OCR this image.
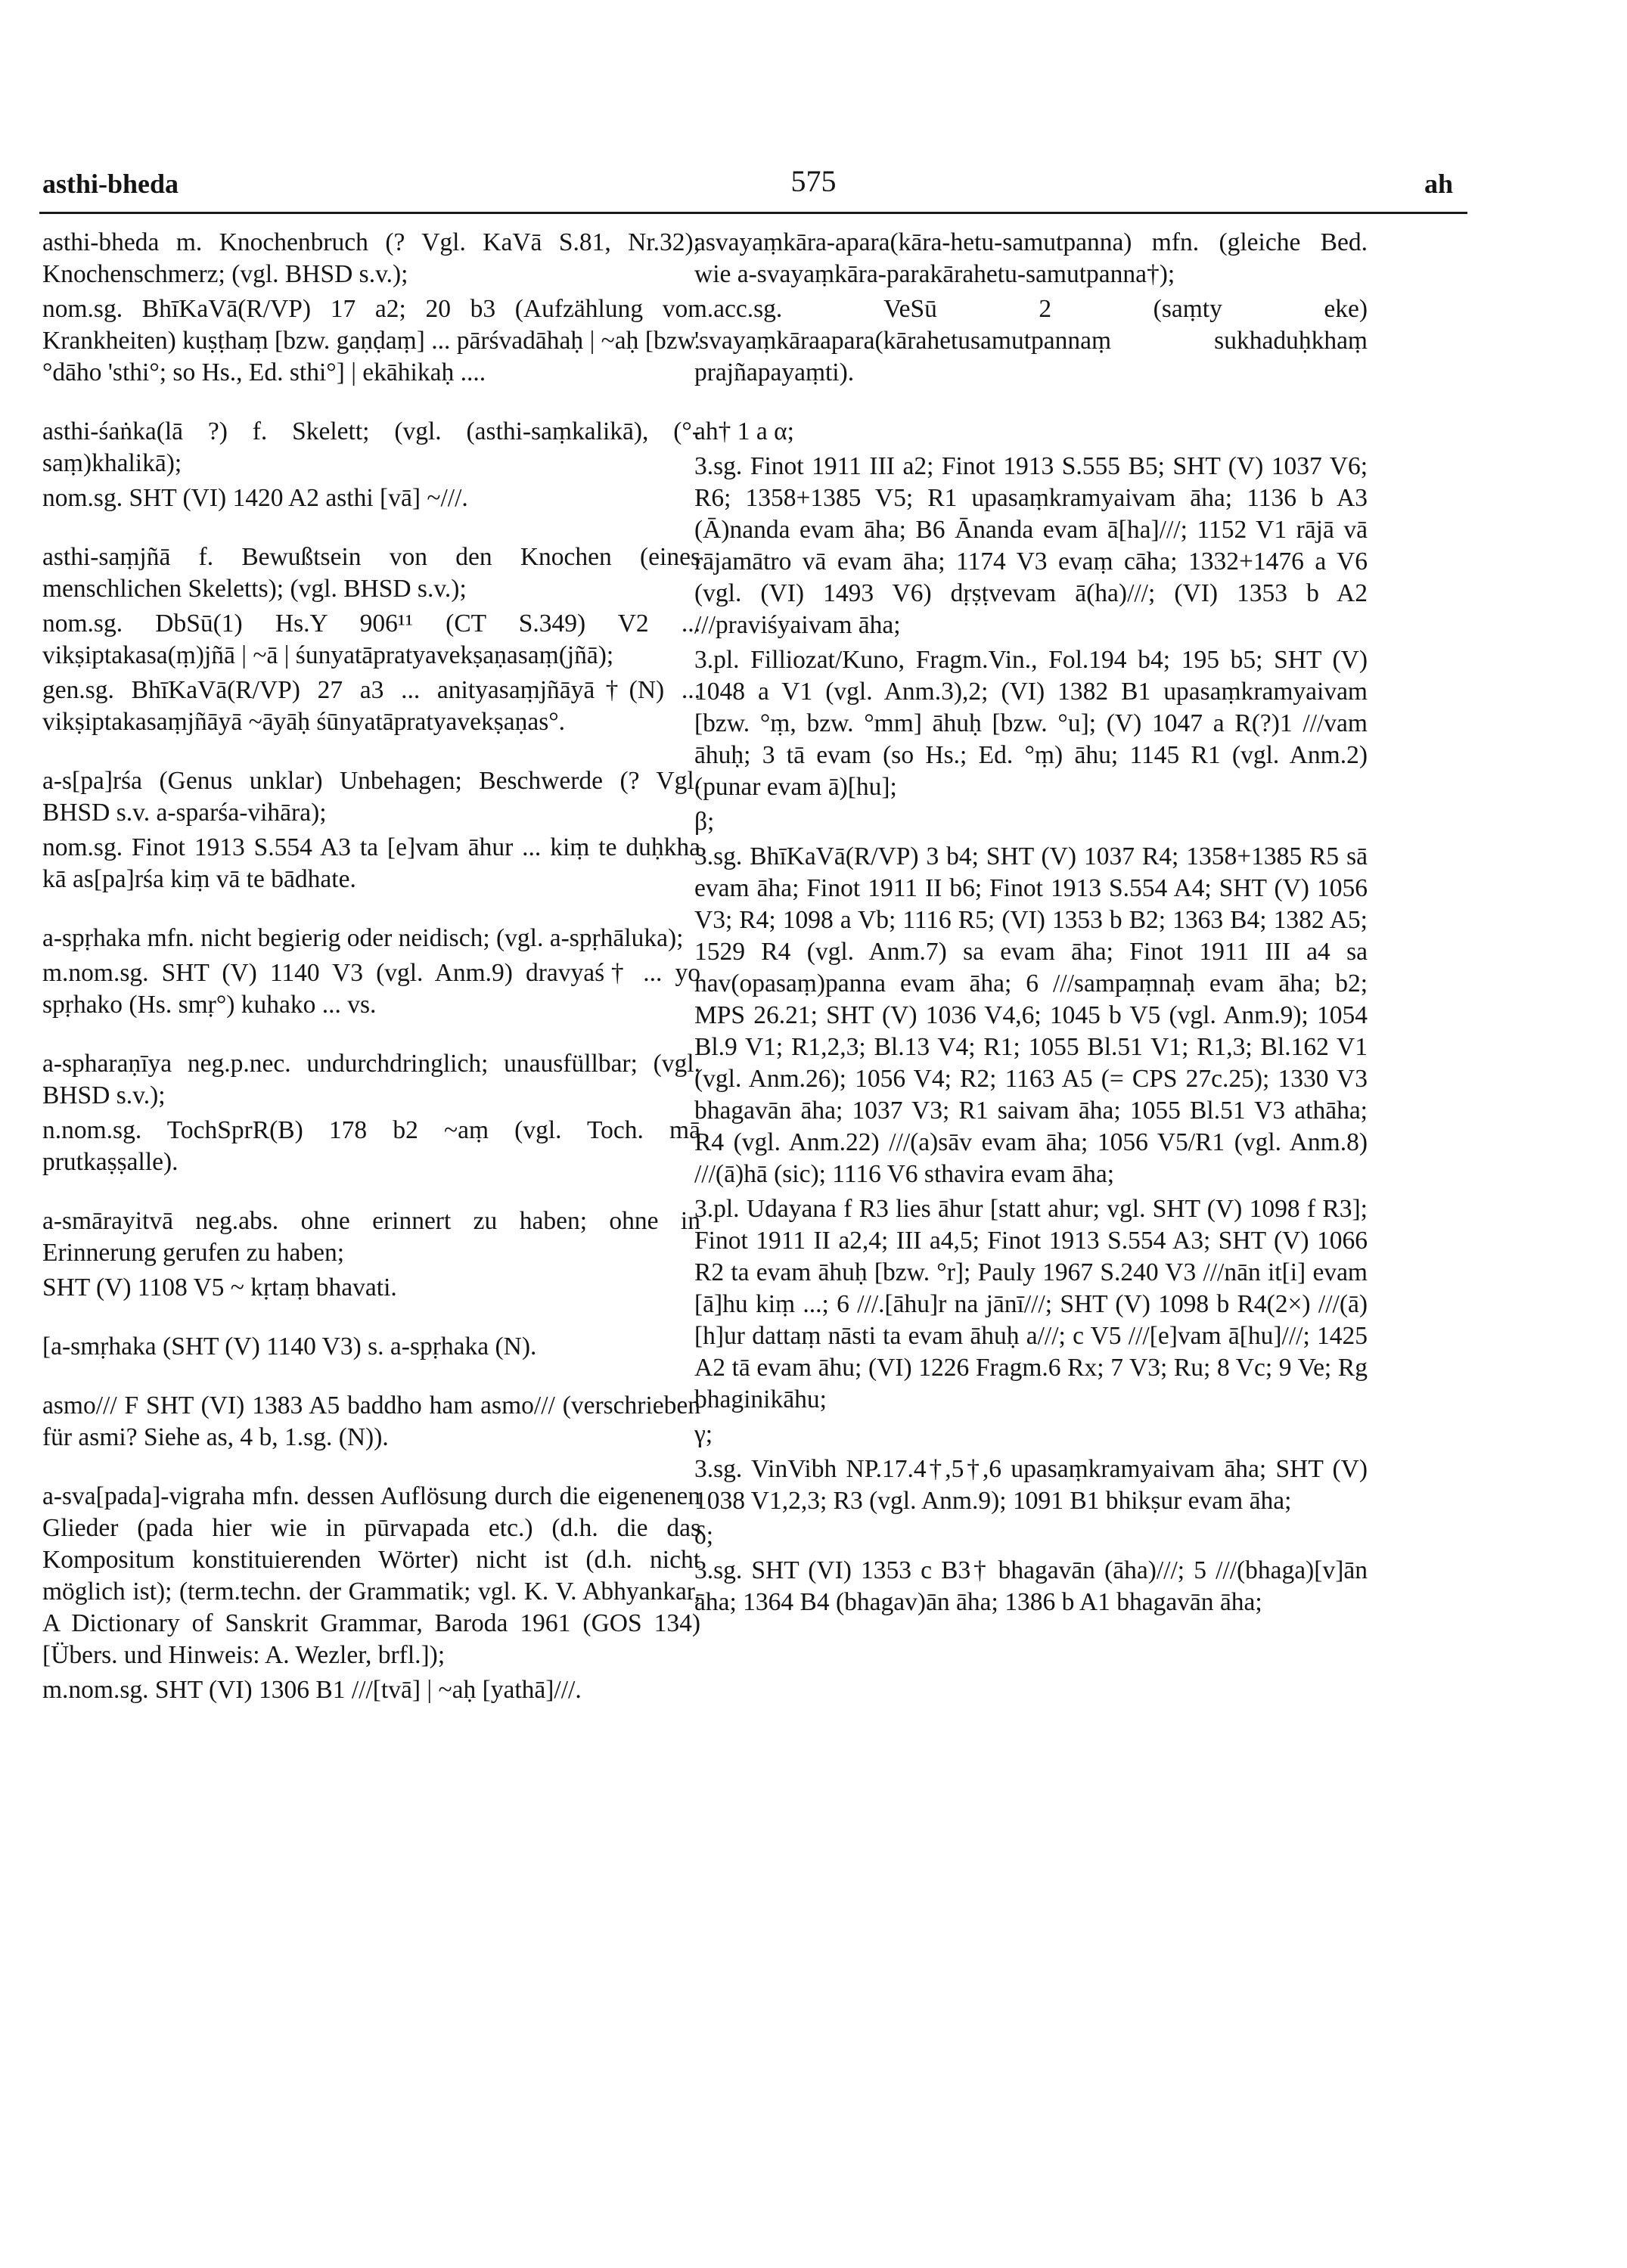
asthi-bheda	575	ah
asthi-bheda m. Knochenbruch (? Vgl. KaVā S.81, Nr.32); Knochenschmerz; (vgl. BHSD s.v.);
nom.sg. BhīKaVā(R/VP) 17 a2; 20 b3 (Aufzählung von Krankheiten) kuṣṭhaṃ [bzw. gaṇḍaṃ] ... pārśvadāhaḥ | ~aḥ [bzw. °dāho 'sthi°; so Hs., Ed. sthi°] | ekāhikaḥ ....
asthi-śaṅka(lā ?) f. Skelett; (vgl. (asthi-saṃkalikā), (°-saṃ)khalikā);
nom.sg. SHT (VI) 1420 A2 asthi [vā] ~///.
asthi-saṃjñā f. Bewußtsein von den Knochen (eines menschlichen Skeletts); (vgl. BHSD s.v.);
nom.sg. DbSū(1) Hs.Y 906¹¹ (CT S.349) V2 ... vikṣiptakasa(ṃ)jñā | ~ā | śunyatāpratyavekṣaṇasaṃ(jñā);
gen.sg. BhīKaVā(R/VP) 27 a3 ... anityasaṃjñāyā†(N) ... vikṣiptakasaṃjñāyā ~āyāḥ śūnyatāpratyavekṣaṇas°.
a-s[pa]rśa (Genus unklar) Unbehagen; Beschwerde (? Vgl. BHSD s.v. a-sparśa-vihāra);
nom.sg. Finot 1913 S.554 A3 ta [e]vam āhur ... kiṃ te duḥkha kā as[pa]rśa kiṃ vā te bādhate.
a-spṛhaka mfn. nicht begierig oder neidisch; (vgl. a-spṛhāluka);
m.nom.sg. SHT (V) 1140 V3 (vgl. Anm.9) dravyaś† ... yo spṛhako (Hs. smṛ°) kuhako ... vs.
a-spharaṇīya neg.p.nec. undurchdringlich; unausfüllbar; (vgl. BHSD s.v.);
n.nom.sg. TochSprR(B) 178 b2 ~aṃ (vgl. Toch. mā prutkaṣṣalle).
a-smārayitvā neg.abs. ohne erinnert zu haben; ohne in Erinnerung gerufen zu haben;
SHT (V) 1108 V5 ~ kṛtaṃ bhavati.
[a-smṛhaka (SHT (V) 1140 V3) s. a-spṛhaka (N).
asmo/// F SHT (VI) 1383 A5 baddho ham asmo/// (verschrieben für asmi? Siehe as, 4 b, 1.sg. (N)).
a-sva[pada]-vigraha mfn. dessen Auflösung durch die eigenenen Glieder (pada hier wie in pūrvapada etc.) (d.h. die das Kompositum konstituierenden Wörter) nicht ist (d.h. nicht möglich ist); (term.techn. der Grammatik; vgl. K. V. Abhyankar, A Dictionary of Sanskrit Grammar, Baroda 1961 (GOS 134) [Übers. und Hinweis: A. Wezler, brfl.]);
m.nom.sg. SHT (VI) 1306 B1 ///[tvā] | ~aḥ [yathā]///.
asvayaṃkāra-apara(kāra-hetu-samutpanna) mfn. (gleiche Bed. wie a-svayaṃkāra-parakārahetu-samutpanna†);
n.acc.sg. VeSū 2 (saṃty eke) 'svayaṃkāraapara(kārahetusamutpannaṃ sukhaduḥkhaṃ prajñapayaṃti).
ah† 1 a α;
3.sg. Finot 1911 III a2; Finot 1913 S.555 B5; SHT (V) 1037 V6; R6; 1358+1385 V5; R1 upasaṃkramyaivam āha; 1136 b A3 (Ā)nanda evam āha; B6 Ānanda evam ā[ha]///; 1152 V1 rājā vā rājamātro vā evam āha; 1174 V3 evaṃ cāha; 1332+1476 a V6 (vgl. (VI) 1493 V6) dṛṣṭvevam ā(ha)///; (VI) 1353 b A2 ///praviśyaivam āha;
3.pl. Filliozat/Kuno, Fragm.Vin., Fol.194 b4; 195 b5; SHT (V) 1048 a V1 (vgl. Anm.3),2; (VI) 1382 B1 upasaṃkramyaivam [bzw. °ṃ, bzw. °mm] āhuḥ [bzw. °u]; (V) 1047 a R(?)1 ///vam āhuḥ; 3 tā evam (so Hs.; Ed. °ṃ) āhu; 1145 R1 (vgl. Anm.2) (punar evam ā)[hu];
β;
3.sg. BhīKaVā(R/VP) 3 b4; SHT (V) 1037 R4; 1358+1385 R5 sā evam āha; Finot 1911 II b6; Finot 1913 S.554 A4; SHT (V) 1056 V3; R4; 1098 a Vb; 1116 R5; (VI) 1353 b B2; 1363 B4; 1382 A5; 1529 R4 (vgl. Anm.7) sa evam āha; Finot 1911 III a4 sa nav(opasaṃ)panna evam āha; 6 ///sampaṃnaḥ evam āha; b2; MPS 26.21; SHT (V) 1036 V4,6; 1045 b V5 (vgl. Anm.9); 1054 Bl.9 V1; R1,2,3; Bl.13 V4; R1; 1055 Bl.51 V1; R1,3; Bl.162 V1 (vgl. Anm.26); 1056 V4; R2; 1163 A5 (= CPS 27c.25); 1330 V3 bhagavān āha; 1037 V3; R1 saivam āha; 1055 Bl.51 V3 athāha; R4 (vgl. Anm.22) ///(a)sāv evam āha; 1056 V5/R1 (vgl. Anm.8) ///(ā)hā (sic); 1116 V6 sthavira evam āha;
3.pl. Udayana f R3 lies āhur [statt ahur; vgl. SHT (V) 1098 f R3]; Finot 1911 II a2,4; III a4,5; Finot 1913 S.554 A3; SHT (V) 1066 R2 ta evam āhuḥ [bzw. °r]; Pauly 1967 S.240 V3 ///nān it[i] evam [ā]hu kiṃ ...; 6 ///.[āhu]r na jānī///; SHT (V) 1098 b R4(2×) ///(ā)[h]ur dattaṃ nāsti ta evam āhuḥ a///; c V5 ///[e]vam ā[hu]///; 1425 A2 tā evam āhu; (VI) 1226 Fragm.6 Rx; 7 V3; Ru; 8 Vc; 9 Ve; Rg bhaginikāhu;
γ;
3.sg. VinVibh NP.17.4†,5†,6 upasaṃkramyaivam āha; SHT (V) 1038 V1,2,3; R3 (vgl. Anm.9); 1091 B1 bhikṣur evam āha;
δ;
3.sg. SHT (VI) 1353 c B3† bhagavān (āha)///; 5 ///(bhaga)[v]ān āha; 1364 B4 (bhagav)ān āha; 1386 b A1 bhagavān āha;
